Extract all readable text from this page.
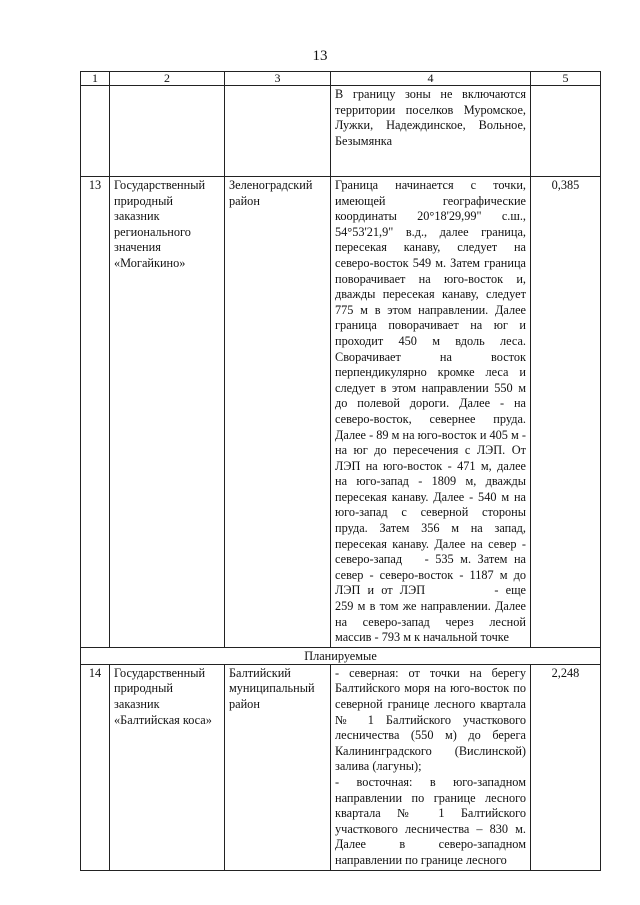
13
1	2	3	4	5
			В границу зоны не включаются территории поселков Муромское, Лужки, Надеждинское, Вольное, Безымянка	
13	Государственный природный заказник регионального значения «Могайкино»	Зеленоградский район	Граница начинается с точки, имеющей географические координаты 20°18'29,99" с.ш., 54°53'21,9" в.д., далее граница, пересекая канаву, следует на северо-восток 549 м. Затем граница поворачивает на юго-восток и, дважды пересекая канаву, следует 775 м в этом направлении. Далее граница поворачивает на юг и проходит 450 м вдоль леса. Сворачивает на восток перпендикулярно кромке леса и следует в этом направлении 550 м до полевой дороги. Далее - на северо-восток, севернее пруда. Далее - 89 м на юго-восток и 405 м - на юг до пересечения с ЛЭП. От ЛЭП на юго-восток - 471 м, далее на юго-запад - 1809 м, дважды пересекая канаву. Далее - 540 м на юго-запад с северной стороны пруда. Затем 356 м на запад, пересекая канаву. Далее на север - северо-запад - 535 м. Затем на север - северо-восток - 1187 м до ЛЭП и от ЛЭП - еще 259 м в том же направлении. Далее на северо-запад через лесной массив - 793 м к начальной точке	0,385
Планируемые				
14	Государственный природный заказник «Балтийская коса»	Балтийский муниципальный район	- северная: от точки на берегу Балтийского моря на юго-восток по северной границе лесного квартала № 1 Балтийского участкового лесничества (550 м) до берега Калининградского (Вислинской) залива (лагуны);
- восточная: в юго-западном направлении по границе лесного квартала № 1 Балтийского участкового лесничества – 830 м. Далее в северо-западном направлении по границе лесного	2,248
